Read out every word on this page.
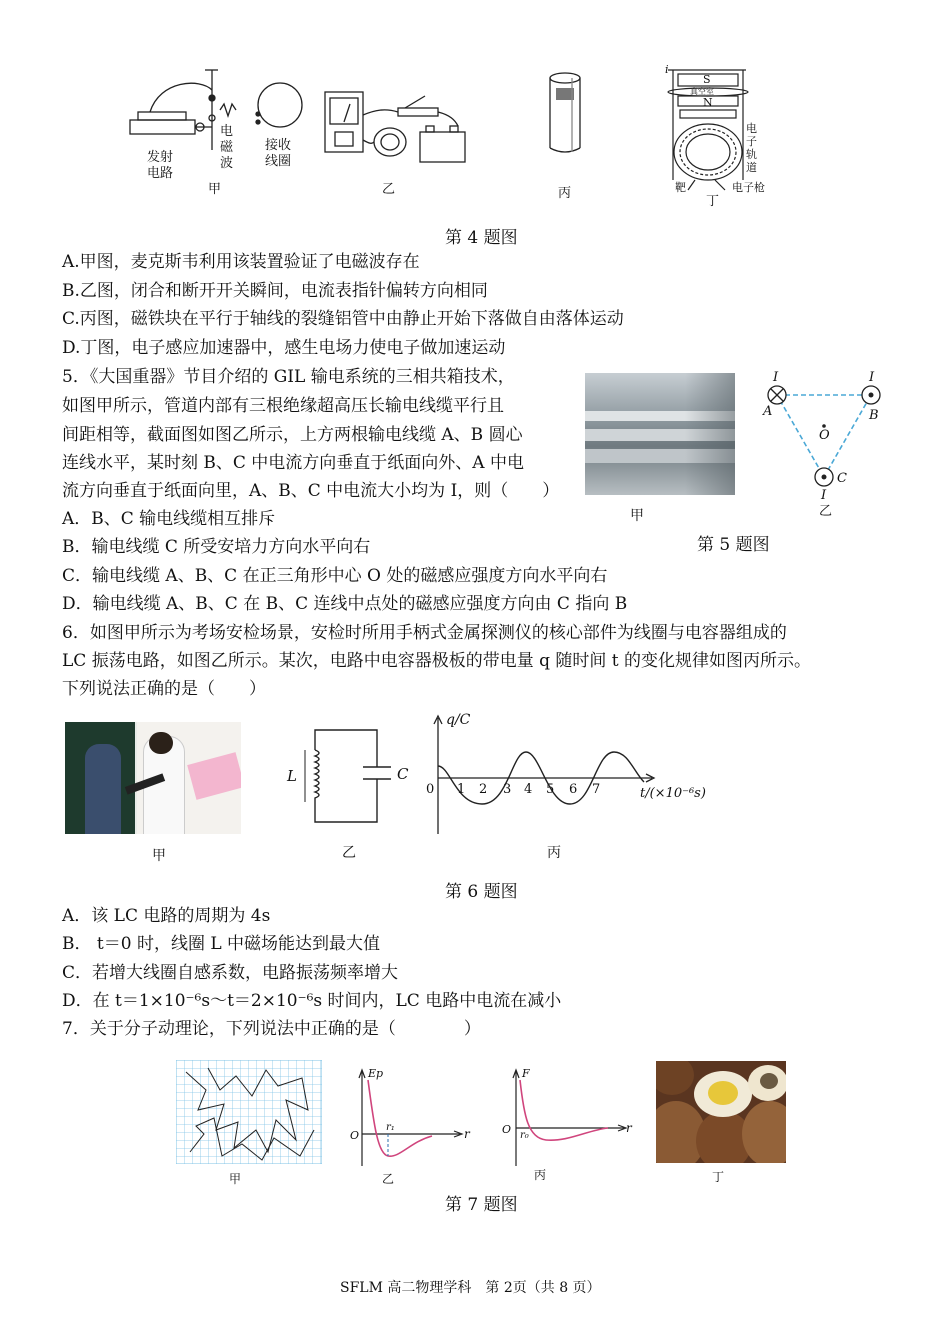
发射
电路
电
磁
波
接收
线圈
甲	乙	丙
i
S
真空室
N
电
子
轨
道
靶	电子枪
丁
第 4 题图
A.甲图，麦克斯韦利用该装置验证了电磁波存在
B.乙图，闭合和断开开关瞬间，电流表指针偏转方向相同
C.丙图，磁铁块在平行于轴线的裂缝铝管中由静止开始下落做自由落体运动
D.丁图，电子感应加速器中，感生电场力使电子做加速运动
5．《大国重器》节目介绍的 GIL 输电系统的三相共箱技术，
如图甲所示，管道内部有三根绝缘超高压长输电线缆平行且
间距相等，截面图如图乙所示，上方两根输电线缆 A、B 圆心
连线水平，某时刻 B、C 中电流方向垂直于纸面向外、A 中电
流方向垂直于纸面向里，A、B、C 中电流大小均为 I，则（　　）
甲
I
A
I
B
O
C
I
乙
第 5 题图
A．B、C 输电线缆相互排斥
B．输电线缆 C 所受安培力方向水平向右
C．输电线缆 A、B、C 在正三角形中心 O 处的磁感应强度方向水平向右
D．输电线缆 A、B、C 在 B、C 连线中点处的磁感应强度方向由 C 指向 B
6．如图甲所示为考场安检场景，安检时所用手柄式金属探测仪的核心部件为线圈与电容器组成的
LC 振荡电路，如图乙所示。某次，电路中电容器极板的带电量 q 随时间 t 的变化规律如图丙所示。
下列说法正确的是（　　）
甲
L	C
乙
q/C
t/(×10⁻⁶s)
0 1 2 3 4 5 6 7
丙
第 6 题图
A．该 LC 电路的周期为 4s
B． t＝0 时，线圈 L 中磁场能达到最大值
C．若增大线圈自感系数，电路振荡频率增大
D．在 t＝1×10⁻⁶s～t＝2×10⁻⁶s 时间内，LC 电路中电流在减小
7．关于分子动理论，下列说法中正确的是（　　　　）
甲
Ep
O
r₁	r
乙
F
O r₀
r
丙	丁
第 7 题图
SFLM 高二物理学科　第 2页（共 8 页）
